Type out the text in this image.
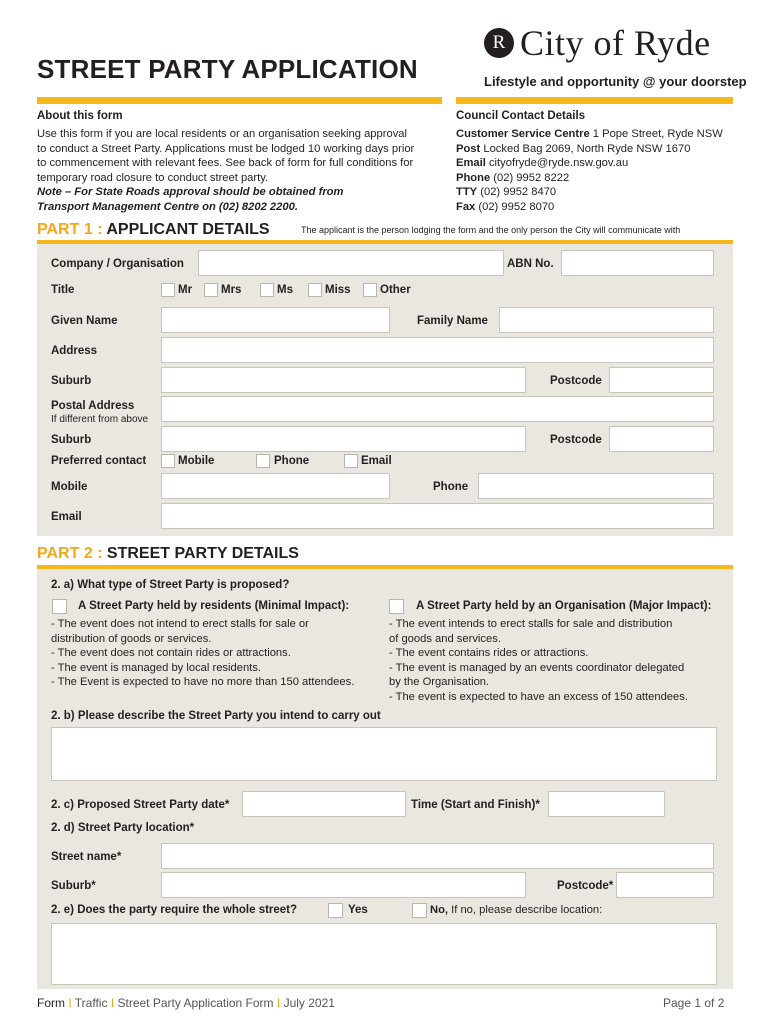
STREET PARTY APPLICATION
R City of Ryde
Lifestyle and opportunity @ your doorstep
About this form
Use this form if you are local residents or an organisation seeking approval
to conduct a Street Party. Applications must be lodged 10 working days prior
to commencement with relevant fees. See back of form for full conditions for
temporary road closure to conduct street party.
Note – For State Roads approval should be obtained from
Transport Management Centre on (02) 8202 2200.
Council Contact Details
Customer Service Centre 1 Pope Street, Ryde NSW
Post Locked Bag 2069, North Ryde NSW 1670
Email cityofryde@ryde.nsw.gov.au
Phone (02) 9952 8222
TTY (02) 9952 8470
Fax (02) 9952 8070
PART 1 : APPLICANT DETAILS	The applicant is the person lodging the form and the only person the City will communicate with
Company / Organisation	ABN No.
Title	Mr	Mrs	Ms	Miss	Other
Given Name	Family Name
Address
Suburb	Postcode
Postal Address
If different from above
Suburb	Postcode
Preferred contact	Mobile	Phone	Email
Mobile	Phone
Email
PART 2 : STREET PARTY DETAILS
2. a) What type of Street Party is proposed?
A Street Party held by residents (Minimal Impact):
- The event does not intend to erect stalls for sale or
distribution of goods or services.
- The event does not contain rides or attractions.
- The event is managed by local residents.
- The Event is expected to have no more than 150 attendees.
A Street Party held by an Organisation (Major Impact):
- The event intends to erect stalls for sale and distribution
of goods and services.
- The event contains rides or attractions.
- The event is managed by an events coordinator delegated
by the Organisation.
- The event is expected to have an excess of 150 attendees.
2. b) Please describe the Street Party you intend to carry out
2. c) Proposed Street Party date*	Time (Start and Finish)*
2. d) Street Party location*
Street name*
Suburb*	Postcode*
2. e) Does the party require the whole street?	Yes	No, If no, please describe location:
Form I Traffic I Street Party Application Form I July 2021	Page 1 of 2
